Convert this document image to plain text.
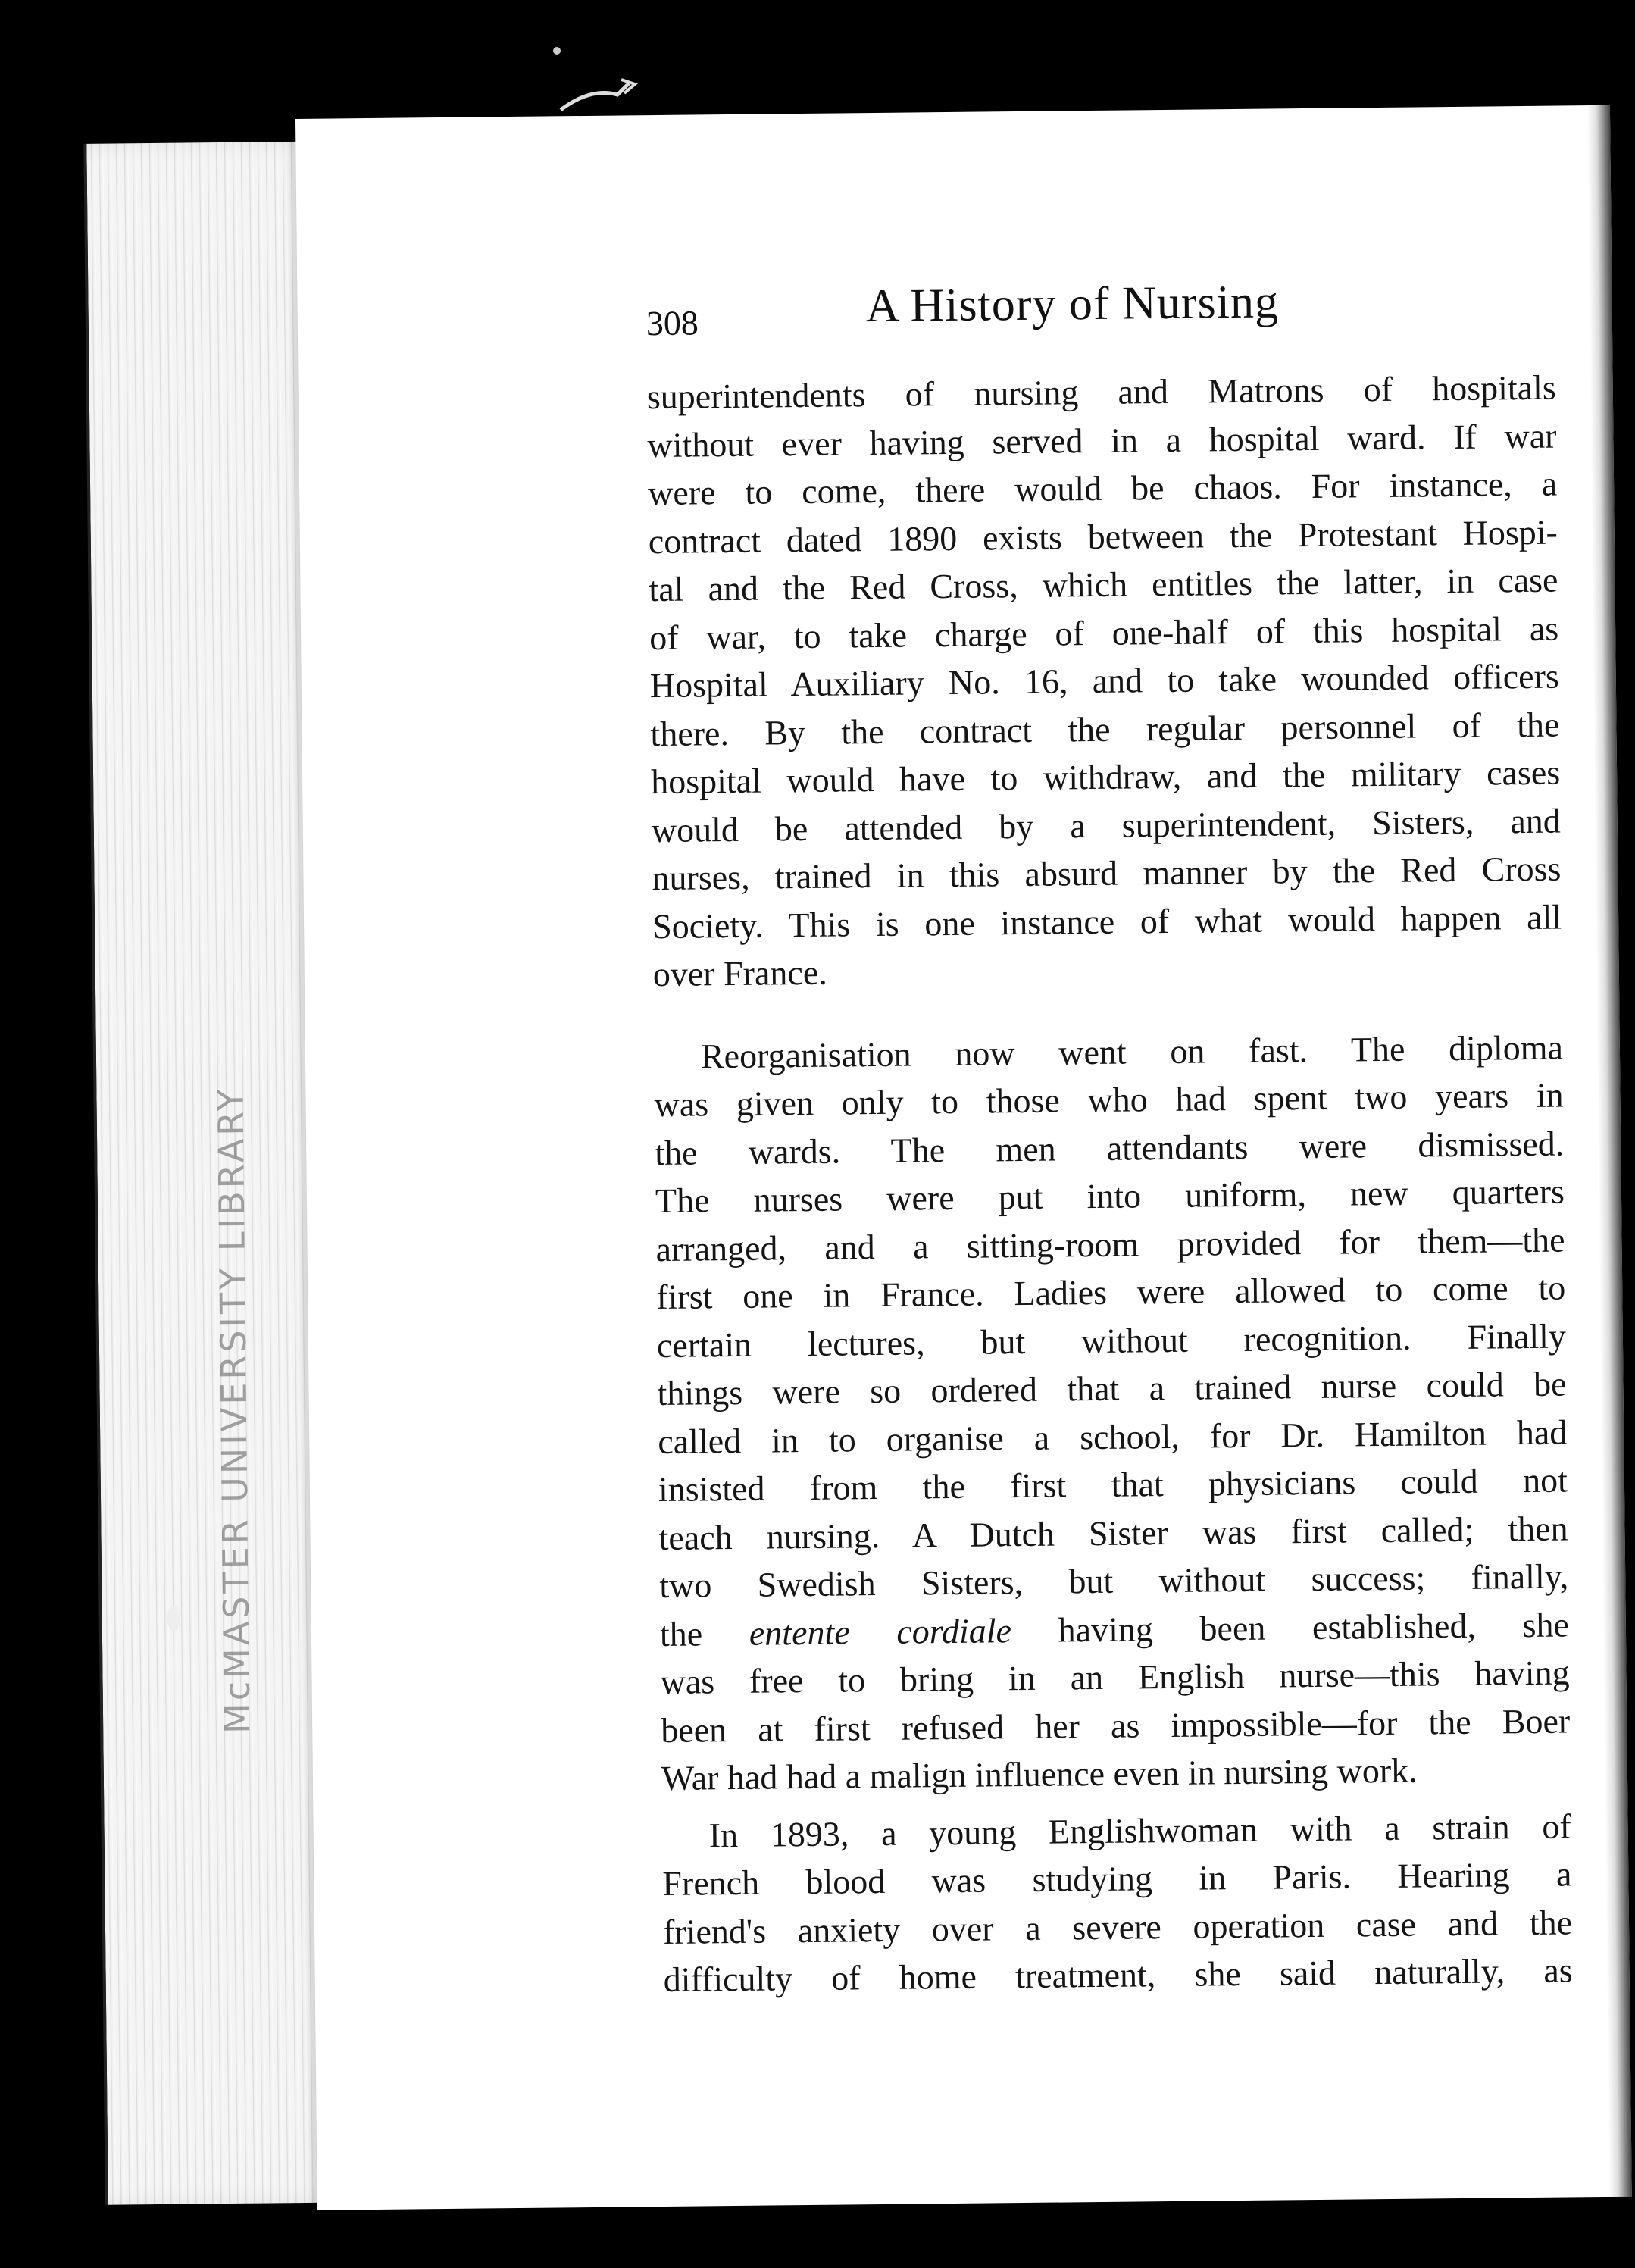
McMASTER UNIVERSITY LIBRARY
308	A History of Nursing
superintendents of nursing and Matrons of hospitals
without ever having served in a hospital ward. If war
were to come, there would be chaos. For instance, a
contract dated 1890 exists between the Protestant Hospi-
tal and the Red Cross, which entitles the latter, in case
of war, to take charge of one-half of this hospital as
Hospital Auxiliary No. 16, and to take wounded officers
there. By the contract the regular personnel of the
hospital would have to withdraw, and the military cases
would be attended by a superintendent, Sisters, and
nurses, trained in this absurd manner by the Red Cross
Society. This is one instance of what would happen all
over France.
Reorganisation now went on fast. The diploma
was given only to those who had spent two years in
the wards. The men attendants were dismissed.
The nurses were put into uniform, new quarters
arranged, and a sitting-room provided for them—the
first one in France. Ladies were allowed to come to
certain lectures, but without recognition. Finally
things were so ordered that a trained nurse could be
called in to organise a school, for Dr. Hamilton had
insisted from the first that physicians could not
teach nursing. A Dutch Sister was first called; then
two Swedish Sisters, but without success; finally,
the entente cordiale having been established, she
was free to bring in an English nurse—this having
been at first refused her as impossible—for the Boer
War had had a malign influence even in nursing work.
In 1893, a young Englishwoman with a strain of
French blood was studying in Paris. Hearing a
friend's anxiety over a severe operation case and the
difficulty of home treatment, she said naturally, as
